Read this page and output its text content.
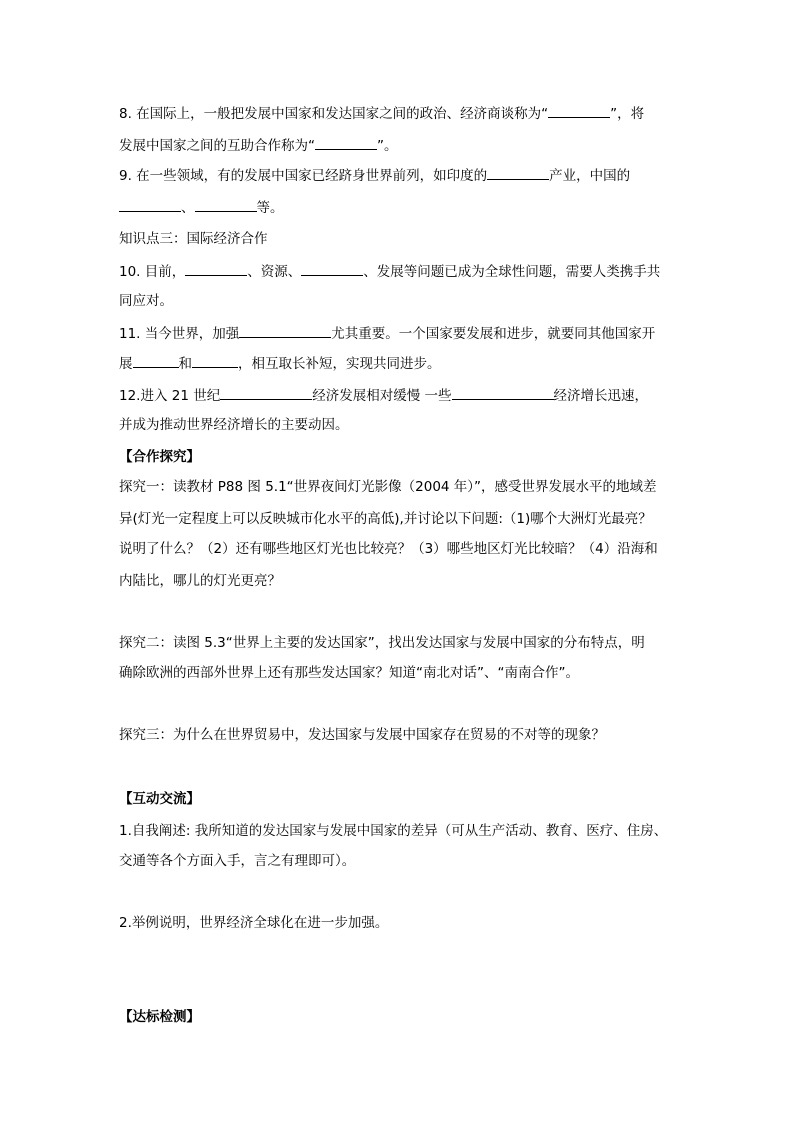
8. 在国际上，一般把发展中国家和发达国家之间的政治、经济商谈称为“	”，将
发展中国家之间的互助合作称为“	”。
9. 在一些领域，有的发展中国家已经跻身世界前列，如印度的	产业，中国的
、	等。
知识点三：国际经济合作
10. 目前，	、资源、	、发展等问题已成为全球性问题，需要人类携手共
同应对。
11. 当今世界，加强	尤其重要。一个国家要发展和进步，就要同其他国家开
展	和	，相互取长补短，实现共同进步。
12.进入 21 世纪	经济发展相对缓慢 一些	经济增长迅速，
并成为推动世界经济增长的主要动因。
【合作探究】
探究一：读教材 P88 图 5.1“世界夜间灯光影像（2004 年）”，感受世界发展水平的地域差
异(灯光一定程度上可以反映城市化水平的高低),并讨论以下问题:（1)哪个大洲灯光最亮？
说明了什么？（2）还有哪些地区灯光也比较亮？（3）哪些地区灯光比较暗？（4）沿海和
内陆比，哪儿的灯光更亮？
探究二：读图 5.3“世界上主要的发达国家”，找出发达国家与发展中国家的分布特点，明
确除欧洲的西部外世界上还有那些发达国家？知道“南北对话”、“南南合作”。
探究三：为什么在世界贸易中，发达国家与发展中国家存在贸易的不对等的现象？
【互动交流】
1.自我阐述: 我所知道的发达国家与发展中国家的差异（可从生产活动、教育、医疗、住房、
交通等各个方面入手，言之有理即可）。
2.举例说明，世界经济全球化在进一步加强。
【达标检测】
